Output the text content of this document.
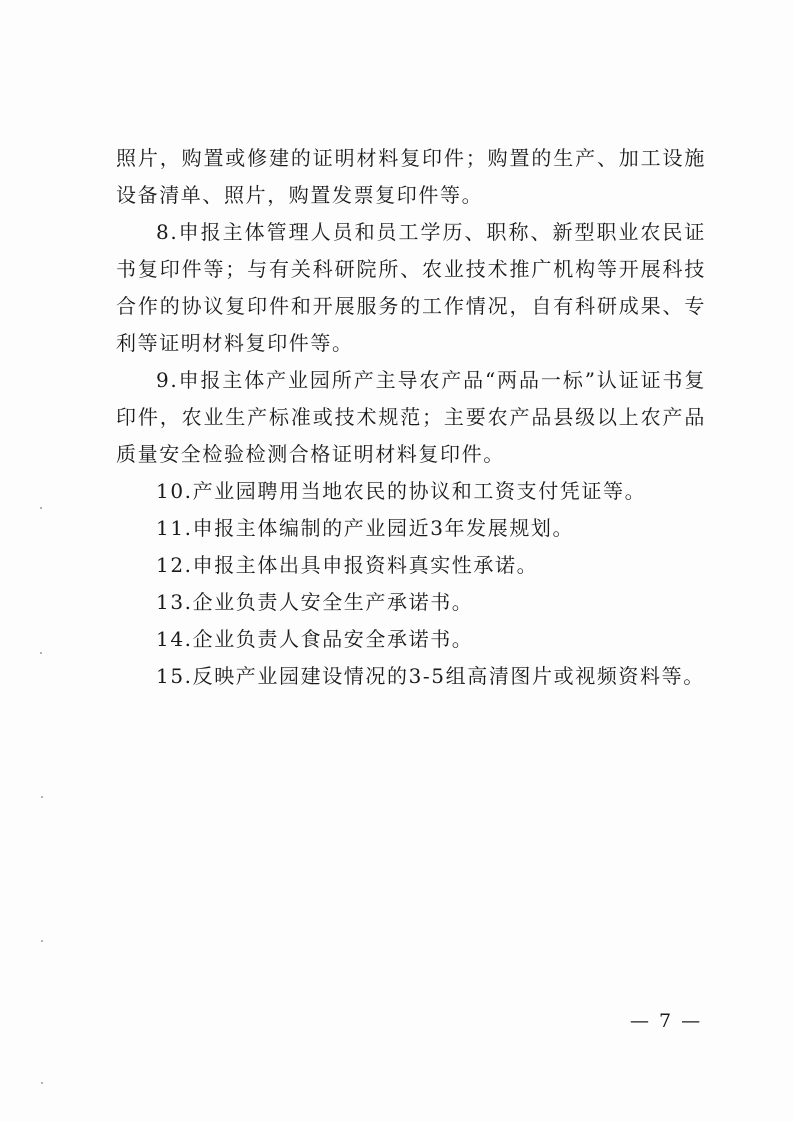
照片，购置或修建的证明材料复印件；购置的生产、加工设施设备清单、照片，购置发票复印件等。

8.申报主体管理人员和员工学历、职称、新型职业农民证书复印件等；与有关科研院所、农业技术推广机构等开展科技合作的协议复印件和开展服务的工作情况，自有科研成果、专利等证明材料复印件等。

9.申报主体产业园所产主导农产品“两品一标”认证证书复印件，农业生产标准或技术规范；主要农产品县级以上农产品质量安全检验检测合格证明材料复印件。

10.产业园聘用当地农民的协议和工资支付凭证等。

11.申报主体编制的产业园近3年发展规划。

12.申报主体出具申报资料真实性承诺。

13.企业负责人安全生产承诺书。

14.企业负责人食品安全承诺书。

15.反映产业园建设情况的3-5组高清图片或视频资料等。

— 7 —
